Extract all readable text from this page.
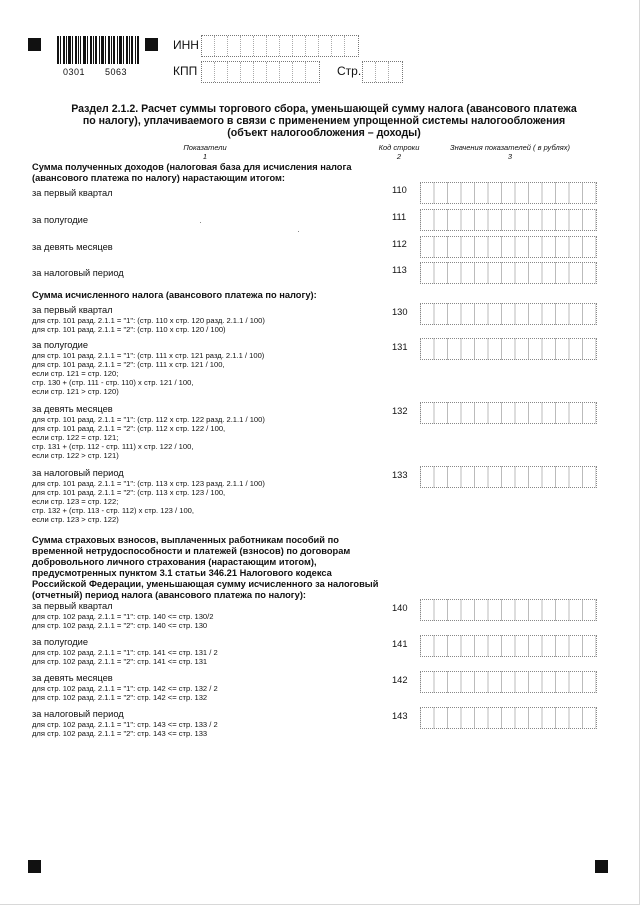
0301 5063
ИНН
КПП	Стр.
Раздел 2.1.2. Расчет суммы торгового сбора, уменьшающей сумму налога (авансового платежа
по налогу), уплачиваемого в связи с применением упрощенной системы налогообложения
(объект налогообложения – доходы)
Показатели
1
Код строки
2
Значения показателей ( в рублях)
3
Сумма полученных доходов (налоговая база для исчисления налога
(авансового платежа по налогу) нарастающим итогом:
за первый квартал	110
за полугодие	111
за девять месяцев	112
за налоговый период	113
Сумма исчисленного налога (авансового платежа по налогу):
за первый квартал
для стр. 101 разд. 2.1.1 = "1": (стр. 110 x стр. 120 разд. 2.1.1 / 100)
для стр. 101 разд. 2.1.1 = "2": (стр. 110 x стр. 120 / 100)
130
за полугодие
для стр. 101 разд. 2.1.1 = "1": (стр. 111 x стр. 121 разд. 2.1.1 / 100)
для стр. 101 разд. 2.1.1 = "2": (стр. 111 x стр. 121 / 100,
если стр. 121 = стр. 120;
стр. 130 + (стр. 111 - стр. 110) x стр. 121 / 100,
если стр. 121 > стр. 120)
131
за девять месяцев
для стр. 101 разд. 2.1.1 = "1": (стр. 112 x стр. 122 разд. 2.1.1 / 100)
для стр. 101 разд. 2.1.1 = "2": (стр. 112 x стр. 122 / 100,
если стр. 122 = стр. 121;
стр. 131 + (стр. 112 - стр. 111) x стр. 122 / 100,
если стр. 122 > стр. 121)
132
за налоговый период
для стр. 101 разд. 2.1.1 = "1": (стр. 113 x стр. 123 разд. 2.1.1 / 100)
для стр. 101 разд. 2.1.1 = "2": (стр. 113 x стр. 123 / 100,
если стр. 123 = стр. 122;
стр. 132 + (стр. 113 - стр. 112) x стр. 123 / 100,
если стр. 123 > стр. 122)
133
Сумма страховых взносов, выплаченных работникам пособий по
временной нетрудоспособности и платежей (взносов) по договорам
добровольного личного страхования (нарастающим итогом),
предусмотренных пунктом 3.1 статьи 346.21 Налогового кодекса
Российской Федерации, уменьшающая сумму исчисленного за налоговый
(отчетный) период налога (авансового платежа по налогу):
за первый квартал
для стр. 102 разд. 2.1.1 = "1": стр. 140 <= стр. 130/2
для стр. 102 разд. 2.1.1 = "2": стр. 140 <= стр. 130
140
за полугодие
для стр. 102 разд. 2.1.1 = "1": стр. 141 <= стр. 131 / 2
для стр. 102 разд. 2.1.1 = "2": стр. 141 <= стр. 131
141
за девять месяцев
для стр. 102 разд. 2.1.1 = "1": стр. 142 <= стр. 132 / 2
для стр. 102 разд. 2.1.1 = "2": стр. 142 <= стр. 132
142
за налоговый период
для стр. 102 разд. 2.1.1 = "1": стр. 143 <= стр. 133 / 2
для стр. 102 разд. 2.1.1 = "2": стр. 143 <= стр. 133
143
